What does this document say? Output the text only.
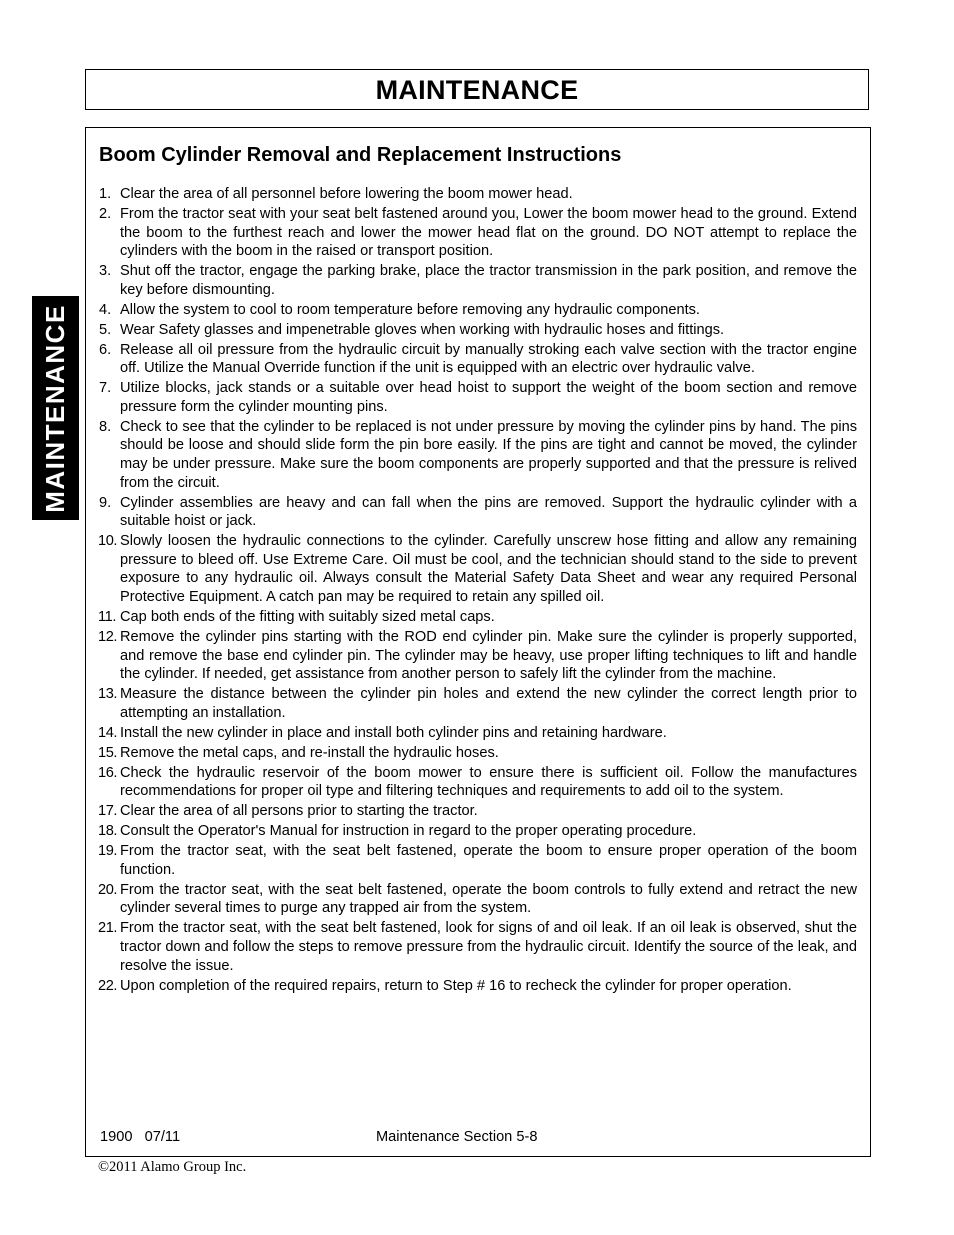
MAINTENANCE
MAINTENANCE
Boom Cylinder Removal and Replacement Instructions
1. Clear the area of all personnel before lowering the boom mower head.
2. From the tractor seat with your seat belt fastened around you, Lower the boom mower head to the ground. Extend the boom to the furthest reach and lower the mower head flat on the ground. DO NOT attempt to replace the cylinders with the boom in the raised or transport position.
3. Shut off the tractor, engage the parking brake, place the tractor transmission in the park position, and remove the key before dismounting.
4. Allow the system to cool to room temperature before removing any hydraulic components.
5. Wear Safety glasses and impenetrable gloves when working with hydraulic hoses and fittings.
6. Release all oil pressure from the hydraulic circuit by manually stroking each valve section with the tractor engine off. Utilize the Manual Override function if the unit is equipped with an electric over hydraulic valve.
7. Utilize blocks, jack stands or a suitable over head hoist to support the weight of the boom section and remove pressure form the cylinder mounting pins.
8. Check to see that the cylinder to be replaced is not under pressure by moving the cylinder pins by hand. The pins should be loose and should slide form the pin bore easily. If the pins are tight and cannot be moved, the cylinder may be under pressure. Make sure the boom components are properly supported and that the pressure is relived from the circuit.
9. Cylinder assemblies are heavy and can fall when the pins are removed. Support the hydraulic cylinder with a suitable hoist or jack.
10. Slowly loosen the hydraulic connections to the cylinder. Carefully unscrew hose fitting and allow any remaining pressure to bleed off. Use Extreme Care. Oil must be cool, and the technician should stand to the side to prevent exposure to any hydraulic oil. Always consult the Material Safety Data Sheet and wear any required Personal Protective Equipment. A catch pan may be required to retain any spilled oil.
11. Cap both ends of the fitting with suitably sized metal caps.
12. Remove the cylinder pins starting with the ROD end cylinder pin. Make sure the cylinder is properly supported, and remove the base end cylinder pin. The cylinder may be heavy, use proper lifting techniques to lift and handle the cylinder. If needed, get assistance from another person to safely lift the cylinder from the machine.
13. Measure the distance between the cylinder pin holes and extend the new cylinder the correct length prior to attempting an installation.
14. Install the new cylinder in place and install both cylinder pins and retaining hardware.
15. Remove the metal caps, and re-install the hydraulic hoses.
16. Check the hydraulic reservoir of the boom mower to ensure there is sufficient oil. Follow the manufactures recommendations for proper oil type and filtering techniques and requirements to add oil to the system.
17. Clear the area of all persons prior to starting the tractor.
18. Consult the Operator's Manual for instruction in regard to the proper operating procedure.
19. From the tractor seat, with the seat belt fastened, operate the boom to ensure proper operation of the boom function.
20. From the tractor seat, with the seat belt fastened, operate the boom controls to fully extend and retract the new cylinder several times to purge any trapped air from the system.
21. From the tractor seat, with the seat belt fastened, look for signs of and oil leak. If an oil leak is observed, shut the tractor down and follow the steps to remove pressure from the hydraulic circuit. Identify the source of the leak, and resolve the issue.
22. Upon completion of the required repairs, return to Step # 16 to recheck the cylinder for proper operation.
1900   07/11	Maintenance Section 5-8
©2011 Alamo Group Inc.
